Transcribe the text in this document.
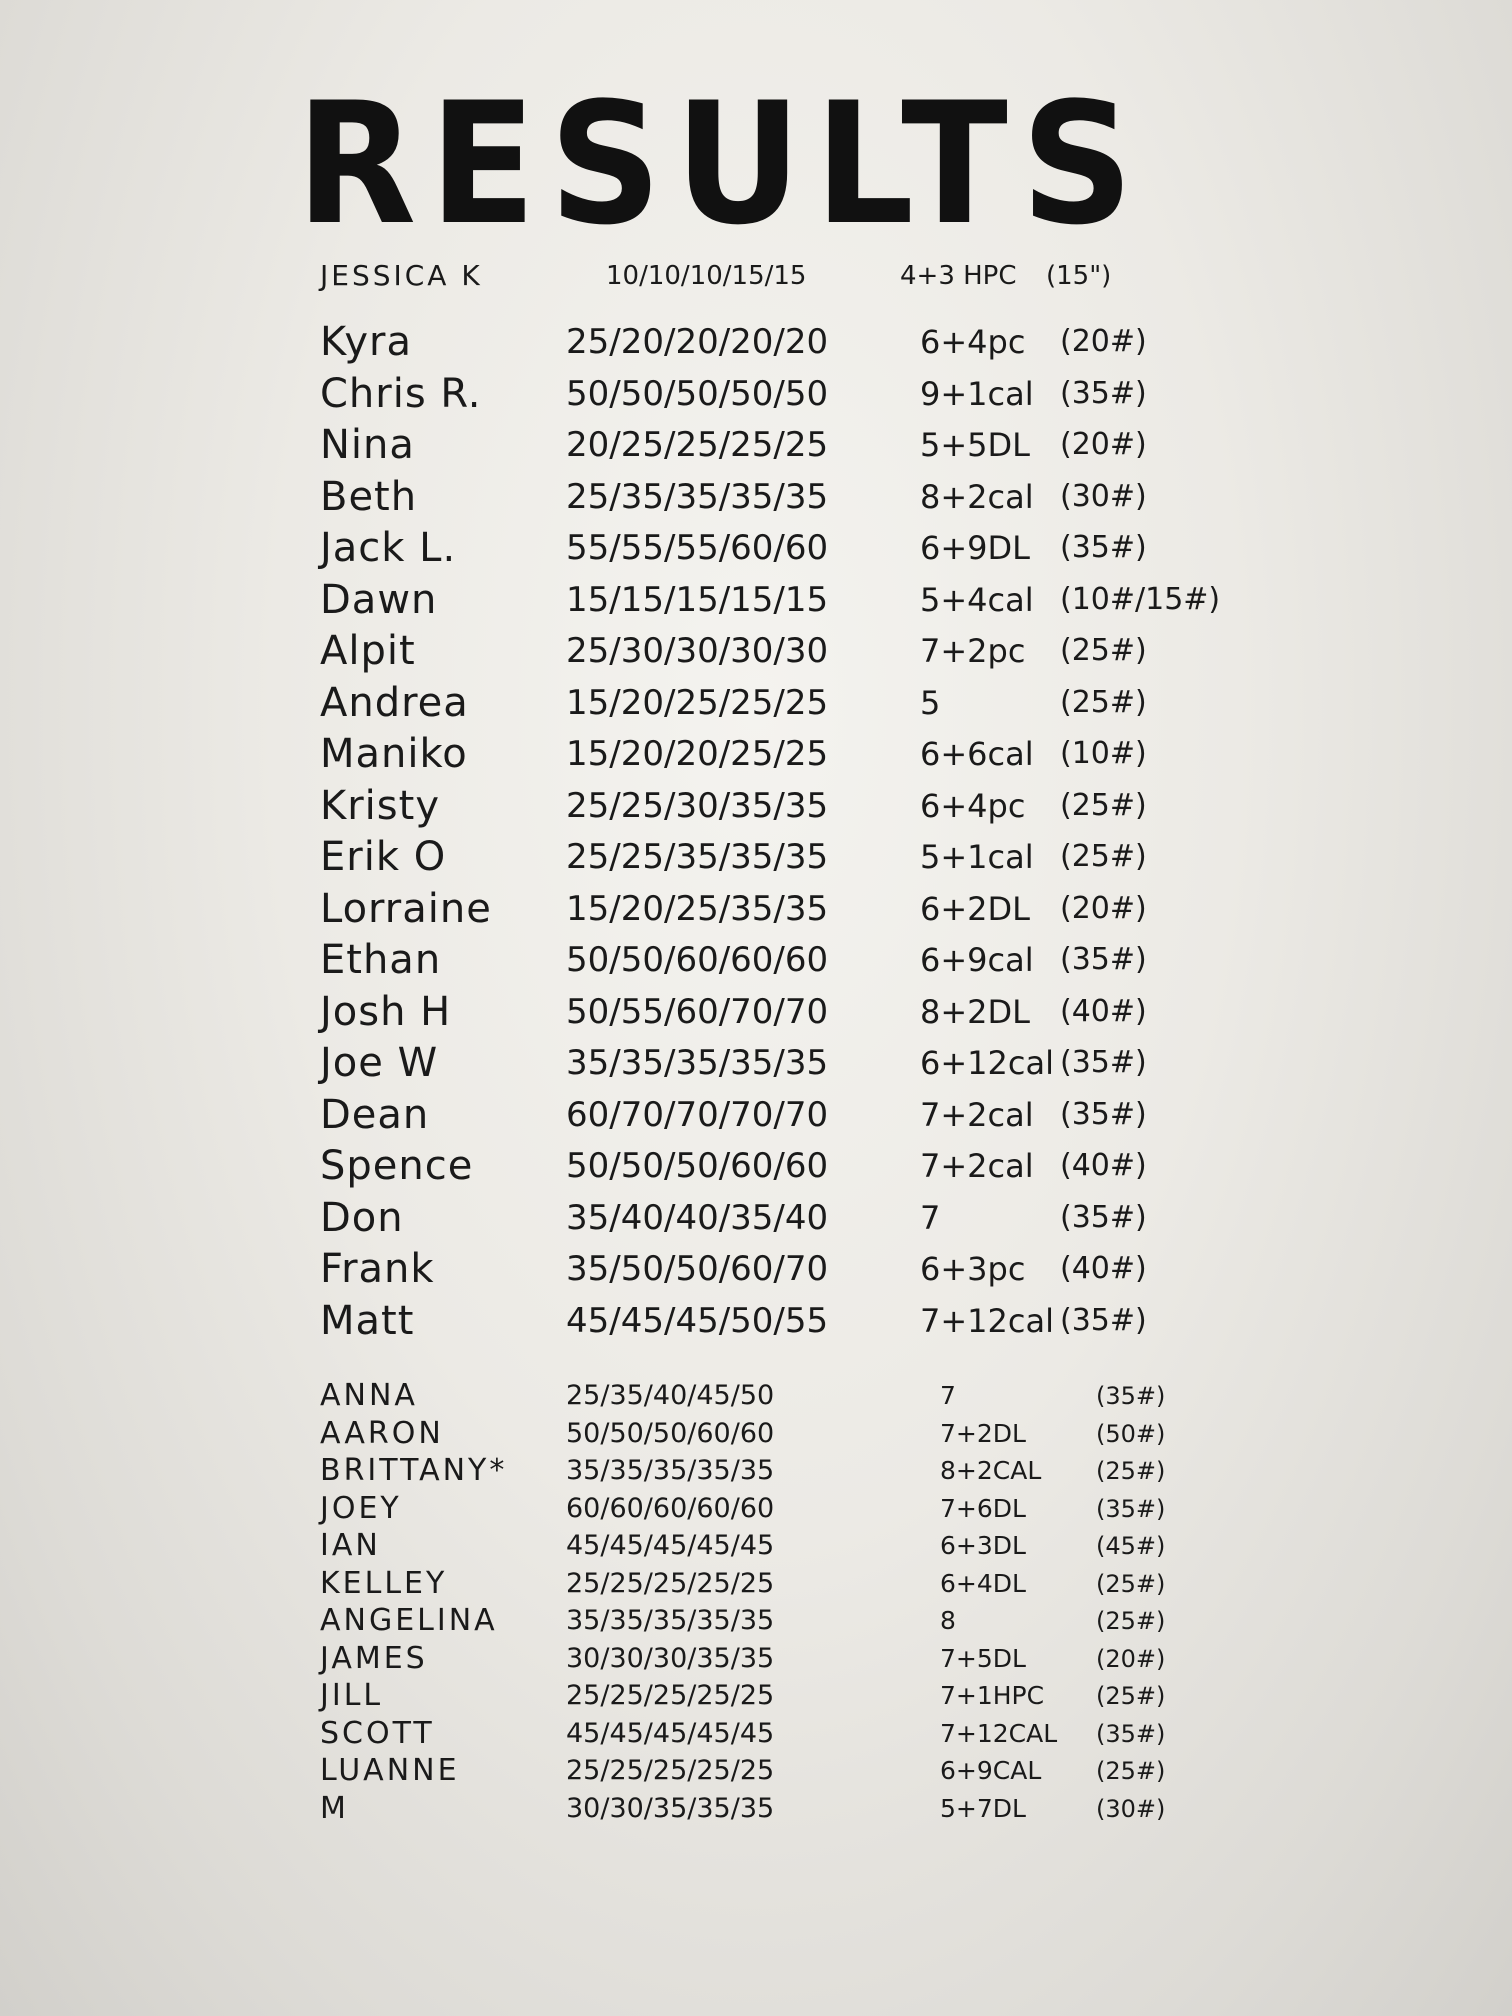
RESULTS
JESSICA K	10/10/10/15/15	4+3 HPC (15")
Kyra	25/20/20/20/20	6+4pc (20#)
Chris R. 50/50/50/50/50	9+1cal (35#)
Nina	20/25/25/25/25	5+5DL (20#)
Beth	25/35/35/35/35	8+2cal (30#)
Jack L.	55/55/55/60/60	6+9DL (35#)
Dawn	15/15/15/15/15	5+4cal (10#/15#)
Alpit	25/30/30/30/30	7+2pc (25#)
Andrea	15/20/25/25/25	5	(25#)
Maniko	15/20/20/25/25	6+6cal (10#)
Kristy	25/25/30/35/35	6+4pc (25#)
Erik O	25/25/35/35/35	5+1cal (25#)
Lorraine 15/20/25/35/35	6+2DL (20#)
Ethan	50/50/60/60/60	6+9cal (35#)
Josh H	50/55/60/70/70	8+2DL (40#)
Joe W	35/35/35/35/35	6+12cal (35#)
Dean	60/70/70/70/70	7+2cal (35#)
Spence	50/50/50/60/60	7+2cal (40#)
Don	35/40/40/35/40	7	(35#)
Frank	35/50/50/60/70	6+3pc (40#)
Matt	45/45/45/50/55	7+12cal (35#)
ANNA	25/35/40/45/50	7	(35#)
AARON	50/50/50/60/60	7+2DL	(50#)
BRITTANY* 35/35/35/35/35	8+2CAL (25#)
JOEY	60/60/60/60/60	7+6DL	(35#)
IAN	45/45/45/45/45	6+3DL	(45#)
KELLEY	25/25/25/25/25	6+4DL	(25#)
ANGELINA	35/35/35/35/35	8	(25#)
JAMES	30/30/30/35/35	7+5DL	(20#)
JILL	25/25/25/25/25	7+1HPC (25#)
SCOTT	45/45/45/45/45	7+12CAL (35#)
LUANNE	25/25/25/25/25	6+9CAL (25#)
M	30/30/35/35/35	5+7DL	(30#)
